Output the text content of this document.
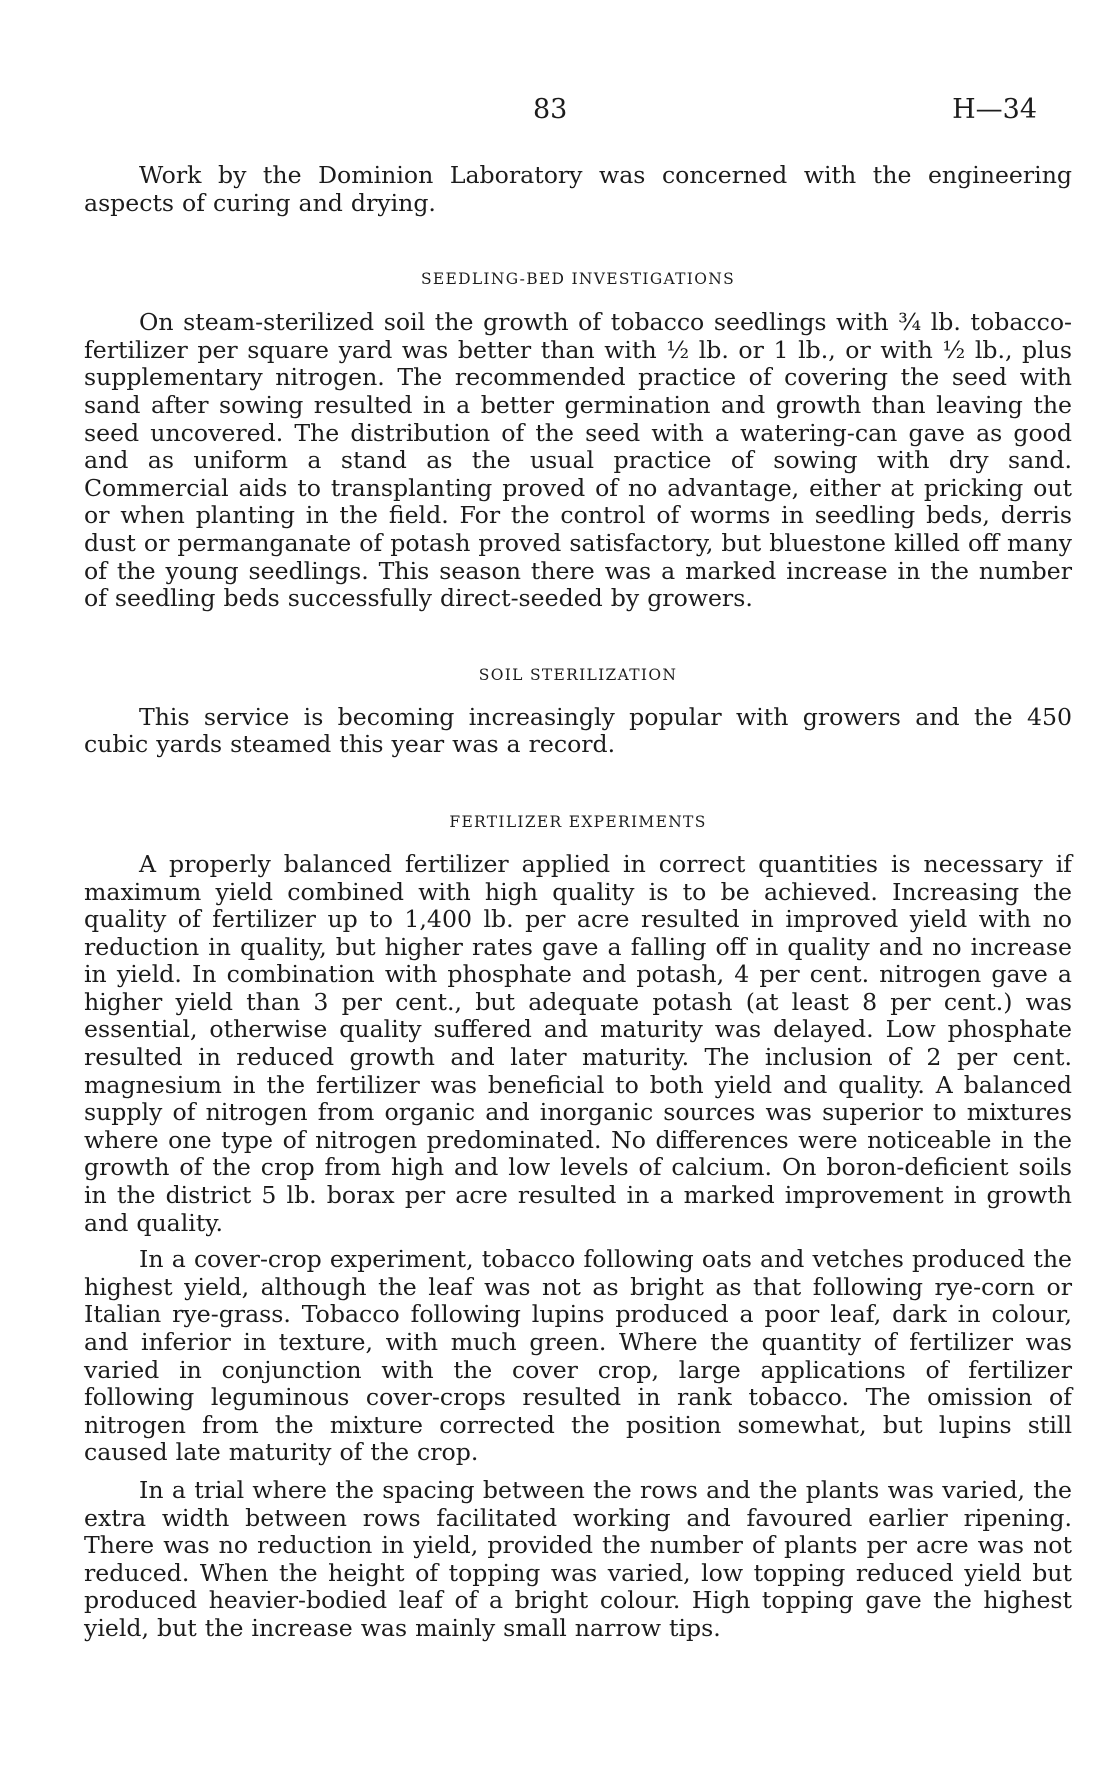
83	H—34

Work by the Dominion Laboratory was concerned with the engineering aspects of curing and drying.

SEEDLING-BED INVESTIGATIONS

On steam-sterilized soil the growth of tobacco seedlings with ¾ lb. tobacco-fertilizer per square yard was better than with ½ lb. or 1 lb., or with ½ lb., plus supplementary nitrogen. The recommended practice of covering the seed with sand after sowing resulted in a better germination and growth than leaving the seed uncovered. The distribution of the seed with a watering-can gave as good and as uniform a stand as the usual practice of sowing with dry sand. Commercial aids to transplanting proved of no advantage, either at pricking out or when planting in the field. For the control of worms in seedling beds, derris dust or permanganate of potash proved satisfactory, but bluestone killed off many of the young seedlings. This season there was a marked increase in the number of seedling beds successfully direct-seeded by growers.

SOIL STERILIZATION

This service is becoming increasingly popular with growers and the 450 cubic yards steamed this year was a record.

FERTILIZER EXPERIMENTS

A properly balanced fertilizer applied in correct quantities is necessary if maximum yield combined with high quality is to be achieved. Increasing the quality of fertilizer up to 1,400 lb. per acre resulted in improved yield with no reduction in quality, but higher rates gave a falling off in quality and no increase in yield. In combination with phosphate and potash, 4 per cent. nitrogen gave a higher yield than 3 per cent., but adequate potash (at least 8 per cent.) was essential, otherwise quality suffered and maturity was delayed. Low phosphate resulted in reduced growth and later maturity. The inclusion of 2 per cent. magnesium in the fertilizer was beneficial to both yield and quality. A balanced supply of nitrogen from organic and inorganic sources was superior to mixtures where one type of nitrogen predominated. No differences were noticeable in the growth of the crop from high and low levels of calcium. On boron-deficient soils in the district 5 lb. borax per acre resulted in a marked improvement in growth and quality.

In a cover-crop experiment, tobacco following oats and vetches produced the highest yield, although the leaf was not as bright as that following rye-corn or Italian rye-grass. Tobacco following lupins produced a poor leaf, dark in colour, and inferior in texture, with much green. Where the quantity of fertilizer was varied in conjunction with the cover crop, large applications of fertilizer following leguminous cover-crops resulted in rank tobacco. The omission of nitrogen from the mixture corrected the position somewhat, but lupins still caused late maturity of the crop.

In a trial where the spacing between the rows and the plants was varied, the extra width between rows facilitated working and favoured earlier ripening. There was no reduction in yield, provided the number of plants per acre was not reduced. When the height of topping was varied, low topping reduced yield but produced heavier-bodied leaf of a bright colour. High topping gave the highest yield, but the increase was mainly small narrow tips.
